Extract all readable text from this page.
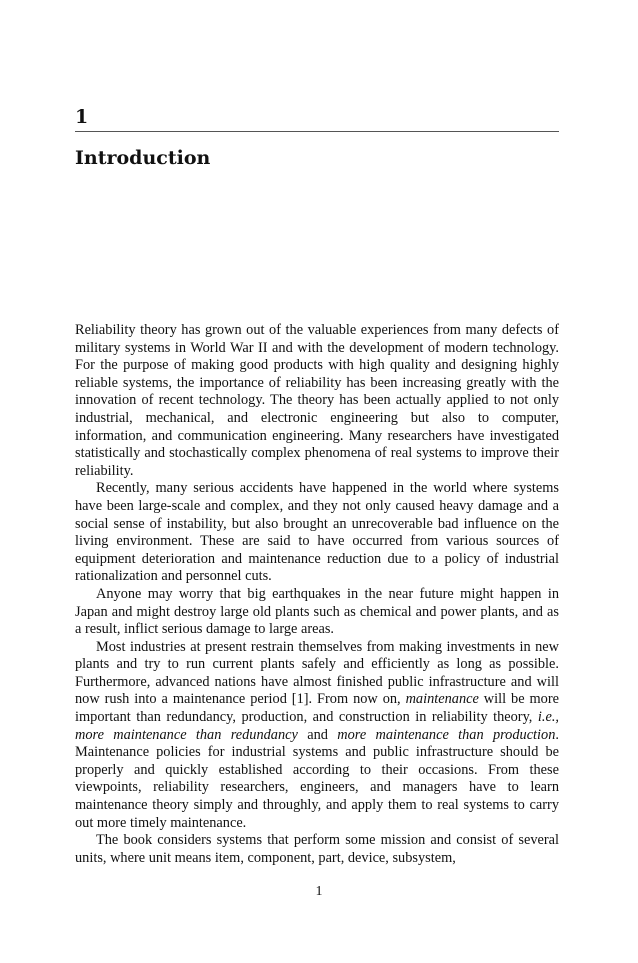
1
Introduction

Reliability theory has grown out of the valuable experiences from many defects of military systems in World War II and with the development of modern technology. For the purpose of making good products with high quality and designing highly reliable systems, the importance of reliability has been increasing greatly with the innovation of recent technology. The theory has been actually applied to not only industrial, mechanical, and electronic engineering but also to computer, information, and communication engineering. Many researchers have investigated statistically and stochastically complex phenomena of real systems to improve their reliability.

Recently, many serious accidents have happened in the world where systems have been large-scale and complex, and they not only caused heavy damage and a social sense of instability, but also brought an unrecoverable bad influence on the living environment. These are said to have occurred from various sources of equipment deterioration and maintenance reduction due to a policy of industrial rationalization and personnel cuts.

Anyone may worry that big earthquakes in the near future might happen in Japan and might destroy large old plants such as chemical and power plants, and as a result, inflict serious damage to large areas.

Most industries at present restrain themselves from making investments in new plants and try to run current plants safely and efficiently as long as possible. Furthermore, advanced nations have almost finished public infrastructure and will now rush into a maintenance period [1]. From now on, maintenance will be more important than redundancy, production, and construction in reliability theory, i.e., more maintenance than redundancy and more maintenance than production. Maintenance policies for industrial systems and public infrastructure should be properly and quickly established according to their occasions. From these viewpoints, reliability researchers, engineers, and managers have to learn maintenance theory simply and throughly, and apply them to real systems to carry out more timely maintenance.

The book considers systems that perform some mission and consist of several units, where unit means item, component, part, device, subsystem,

1
